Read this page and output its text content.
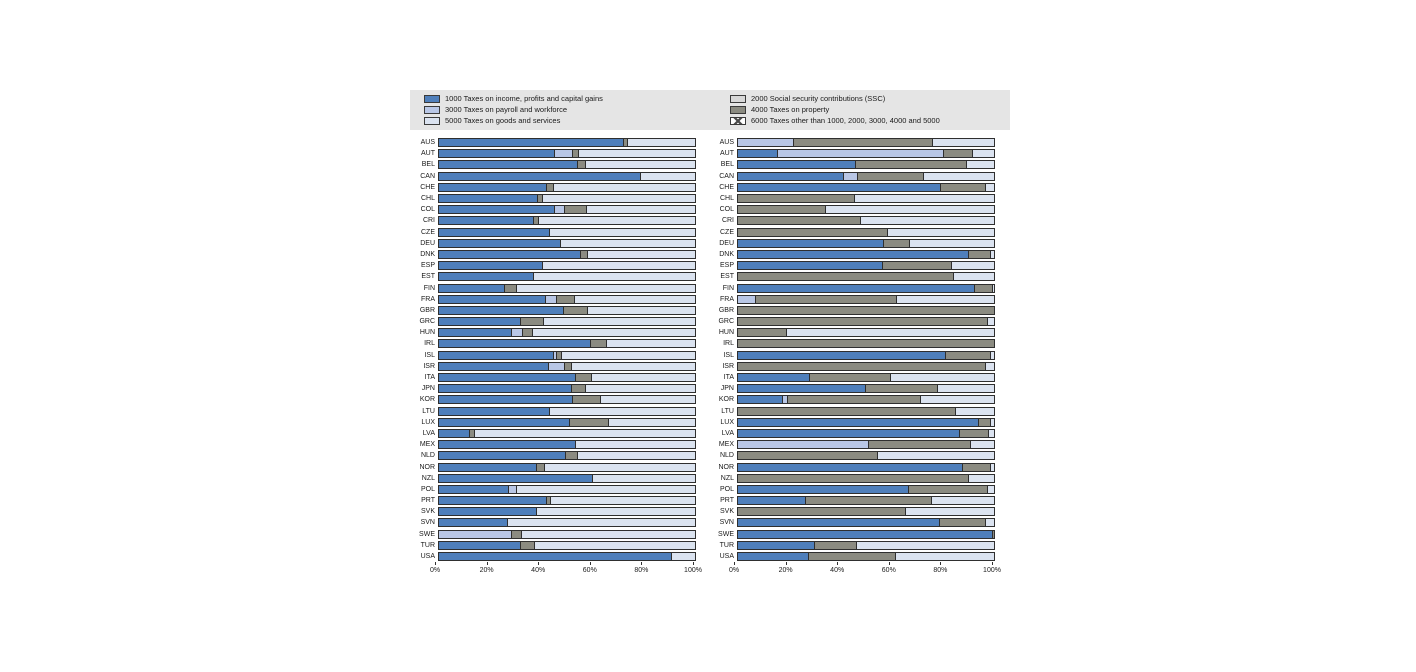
1000 Taxes on income, profits and capital gains	2000 Social security contributions (SSC)
3000 Taxes on payroll and workforce	4000 Taxes on property
5000 Taxes on goods and services	6000 Taxes other than 1000, 2000, 3000, 4000 and 5000
AUS
AUT
BEL
CAN
CHE
CHL
COL
CRI
CZE
DEU
DNK
ESP
EST
FIN
FRA
GBR
GRC
HUN
IRL
ISL
ISR
ITA
JPN
KOR
LTU
LUX
LVA
MEX
NLD
NOR
NZL
POL
PRT
SVK
SVN
SWE
TUR
USA
0%	20%	40%	60%	80%	100%
AUS
AUT
BEL
CAN
CHE
CHL
COL
CRI
CZE
DEU
DNK
ESP
EST
FIN
FRA
GBR
GRC
HUN
IRL
ISL
ISR
ITA
JPN
KOR
LTU
LUX
LVA
MEX
NLD
NOR
NZL
POL
PRT
SVK
SVN
SWE
TUR
USA
0%	20%	40%	60%	80%	100%
